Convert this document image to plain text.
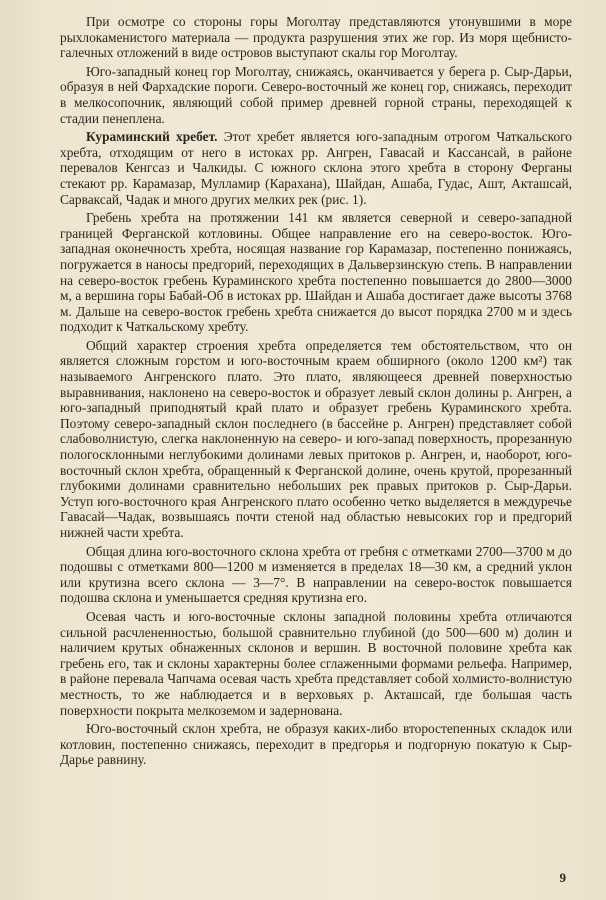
При осмотре со стороны горы Моголтау представляются утонувшими в море рыхлокаменистого материала — продукта разрушения этих же гор. Из моря щебнисто-галечных отложений в виде островов выступают скалы гор Моголтау.

Юго-западный конец гор Моголтау, снижаясь, оканчивается у берега р. Сыр-Дарьи, образуя в ней Фархадские пороги. Северо-восточный же конец гор, снижаясь, переходит в мелкосопочник, являющий собой пример древней горной страны, переходящей к стадии пенеплена.

Кураминский хребет. Этот хребет является юго-западным отрогом Чаткальского хребта, отходящим от него в истоках рр. Ангрен, Гавасай и Кассансай, в районе перевалов Кенгсаз и Чалкиды. С южного склона этого хребта в сторону Ферганы стекают рр. Карамазар, Мулламир (Карахана), Шайдан, Ашаба, Гудас, Ашт, Акташсай, Сарваксай, Чадак и много других мелких рек (рис. 1).

Гребень хребта на протяжении 141 км является северной и северо-западной границей Ферганской котловины. Общее направление его на северо-восток. Юго-западная оконечность хребта, носящая название гор Карамазар, постепенно понижаясь, погружается в наносы предгорий, переходящих в Дальверзинскую степь. В направлении на северо-восток гребень Кураминского хребта постепенно повышается до 2800—3000 м, а вершина горы Бабай-Об в истоках рр. Шайдан и Ашаба достигает даже высоты 3768 м. Дальше на северо-восток гребень хребта снижается до высот порядка 2700 м и здесь подходит к Чаткальскому хребту.

Общий характер строения хребта определяется тем обстоятельством, что он является сложным горстом и юго-восточным краем обширного (около 1200 км²) так называемого Ангренского плато. Это плато, являющееся древней поверхностью выравнивания, наклонено на северо-восток и образует левый склон долины р. Ангрен, а юго-западный приподнятый край плато и образует гребень Кураминского хребта. Поэтому северо-западный склон последнего (в бассейне р. Ангрен) представляет собой слабоволнистую, слегка наклоненную на северо- и юго-запад поверхность, прорезанную пологосклонными неглубокими долинами левых притоков р. Ангрен, и, наоборот, юго-восточный склон хребта, обращенный к Ферганской долине, очень крутой, прорезанный глубокими долинами сравнительно небольших рек правых притоков р. Сыр-Дарьи. Уступ юго-восточного края Ангренского плато особенно четко выделяется в междуречье Гавасай—Чадак, возвышаясь почти стеной над областью невысоких гор и предгорий нижней части хребта.

Общая длина юго-восточного склона хребта от гребня с отметками 2700—3700 м до подошвы с отметками 800—1200 м изменяется в пределах 18—30 км, а средний уклон или крутизна всего склона — 3—7°. В направлении на северо-восток повышается подошва склона и уменьшается средняя крутизна его.

Осевая часть и юго-восточные склоны западной половины хребта отличаются сильной расчлененностью, большой сравнительно глубиной (до 500—600 м) долин и наличием крутых обнаженных склонов и вершин. В восточной половине хребта как гребень его, так и склоны характерны более сглаженными формами рельефа. Например, в районе перевала Чапчама осевая часть хребта представляет собой холмисто-волнистую местность, то же наблюдается и в верховьях р. Акташсай, где большая часть поверхности покрыта мелкоземом и задернована.

Юго-восточный склон хребта, не образуя каких-либо второстепенных складок или котловин, постепенно снижаясь, переходит в предгорья и подгорную покатую к Сыр-Дарье равнину.

9
